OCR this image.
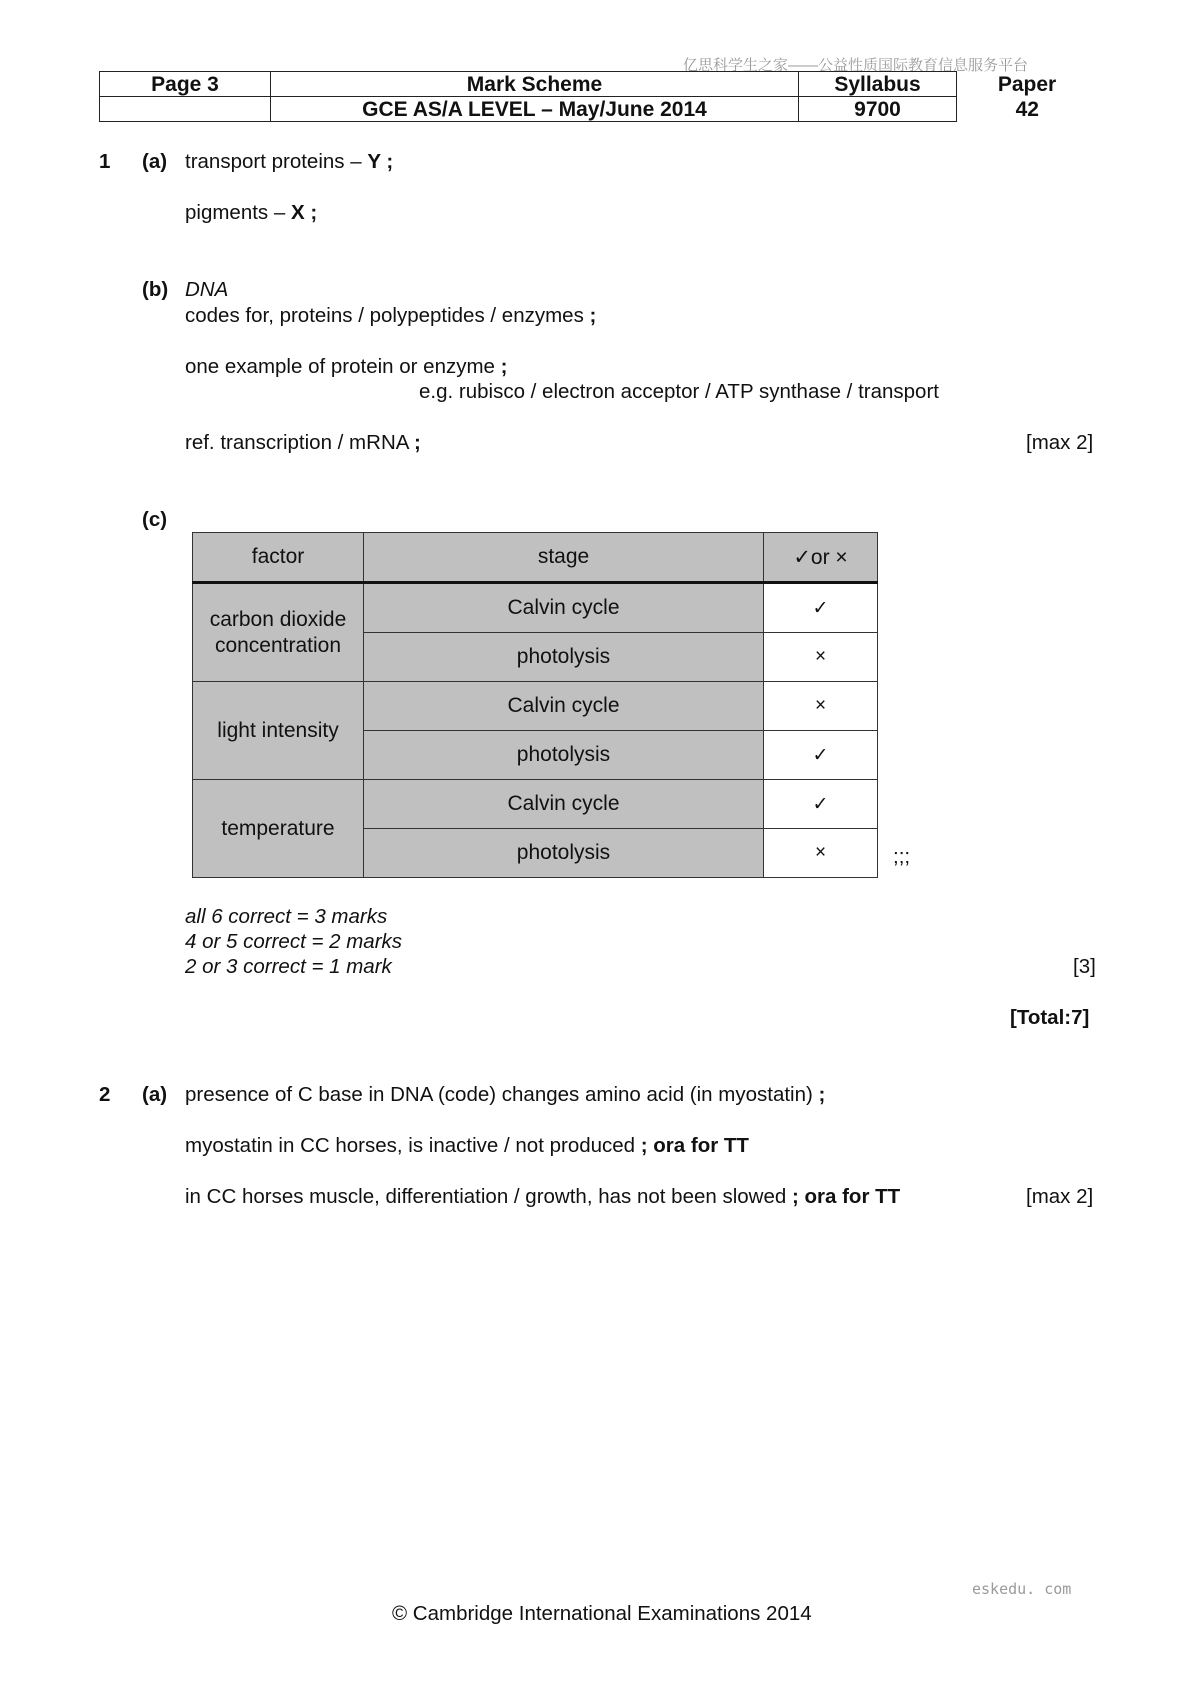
亿思科学生之家——公益性质国际教育信息服务平台
Page 3	Mark Scheme	Syllabus	Paper
	GCE AS/A LEVEL – May/June 2014	9700	42
1 (a) transport proteins – Y ;
pigments – X ;
(b) DNA
codes for, proteins / polypeptides / enzymes ;
one example of protein or enzyme ;
e.g. rubisco / electron acceptor / ATP synthase / transport
ref. transcription / mRNA ;	[max 2]
(c)
factor	stage	✓or ×
carbon dioxide
concentration	Calvin cycle	✓
	photolysis	×
light intensity	Calvin cycle	×
	photolysis	✓
temperature	Calvin cycle	✓
	photolysis	×	;;;
all 6 correct = 3 marks
4 or 5 correct = 2 marks
2 or 3 correct = 1 mark	[3]
[Total:7]
2 (a) presence of C base in DNA (code) changes amino acid (in myostatin) ;
myostatin in CC horses, is inactive / not produced ; ora for TT
in CC horses muscle, differentiation / growth, has not been slowed ; ora for TT	[max 2]
eskedu. com
© Cambridge International Examinations 2014
